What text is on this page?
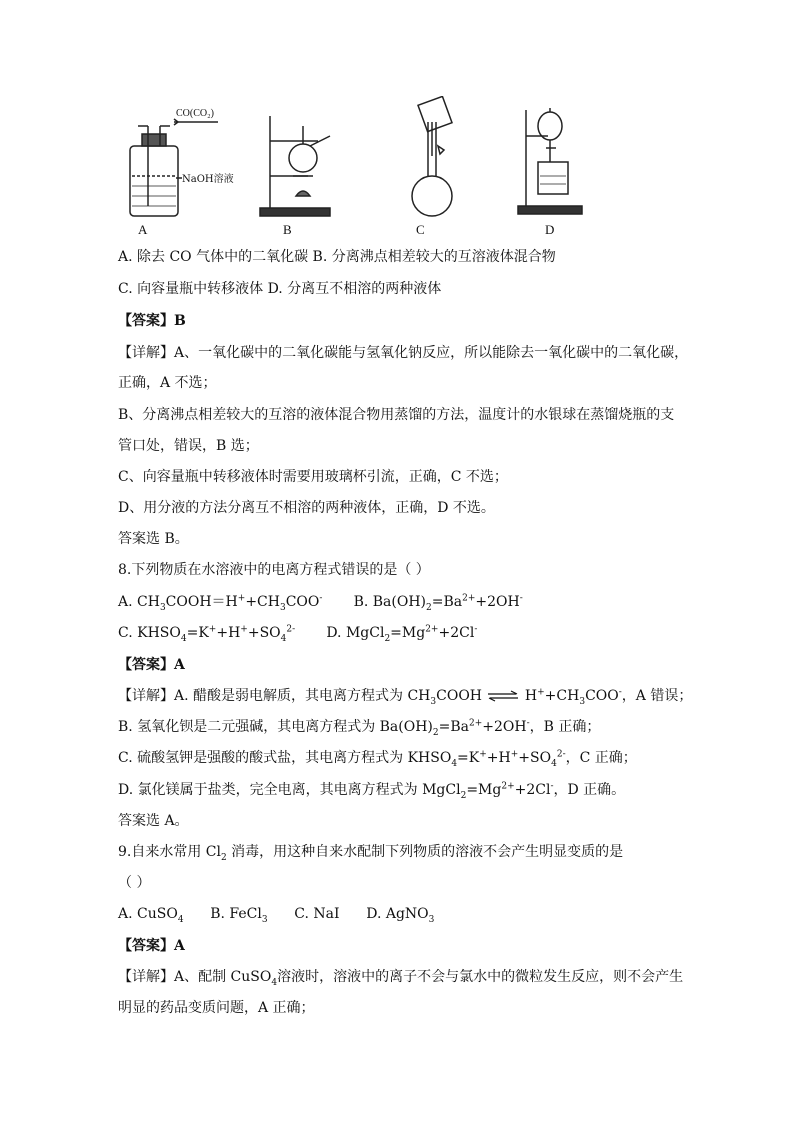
CO(CO₂)
NaOH溶液
A	B	C	D
A. 除去 CO 气体中的二氧化碳 B. 分离沸点相差较大的互溶液体混合物
C. 向容量瓶中转移液体 D. 分离互不相溶的两种液体
【答案】B
【详解】A、一氧化碳中的二氧化碳能与氢氧化钠反应，所以能除去一氧化碳中的二氧化碳，
正确，A 不选；
B、分离沸点相差较大的互溶的液体混合物用蒸馏的方法，温度计的水银球在蒸馏烧瓶的支
管口处，错误，B 选；
C、向容量瓶中转移液体时需要用玻璃杯引流，正确，C 不选；
D、用分液的方法分离互不相溶的两种液体，正确，D 不选。
答案选 B。
8.下列物质在水溶液中的电离方程式错误的是（ ）
A. $CH_3COOH=H^++CH_3COO^-$       B. $Ba(OH)_2=Ba^{2+}+2OH^-$
C. $KHSO_4=K^++H^++SO_4^{2-}$       D. $MgCl_2=Mg^{2+}+2Cl^-$
【答案】A
【详解】A. 醋酸是弱电解质，其电离方程式为 $CH_3COOH$ ⇌ $H^++CH_3COO^-$，A 错误；
B. 氢氧化钡是二元强碱，其电离方程式为 $Ba(OH)_2=Ba^{2+}+2OH^-$，B 正确；
C. 硫酸氢钾是强酸的酸式盐，其电离方程式为 $KHSO_4=K^++H^++SO_4^{2-}$，C 正确；
D. 氯化镁属于盐类，完全电离，其电离方程式为 $MgCl_2=Mg^{2+}+2Cl^-$，D 正确。
答案选 A。
9.自来水常用 $Cl_2$ 消毒，用这种自来水配制下列物质的溶液不会产生明显变质的是
（ ）
A. CuSO$_4$      B. FeCl$_3$      C. NaI      D. AgNO$_3$
【答案】A
【详解】A、配制 CuSO$_4$溶液时，溶液中的离子不会与氯水中的微粒发生反应，则不会产生
明显的药品变质问题，A 正确；
